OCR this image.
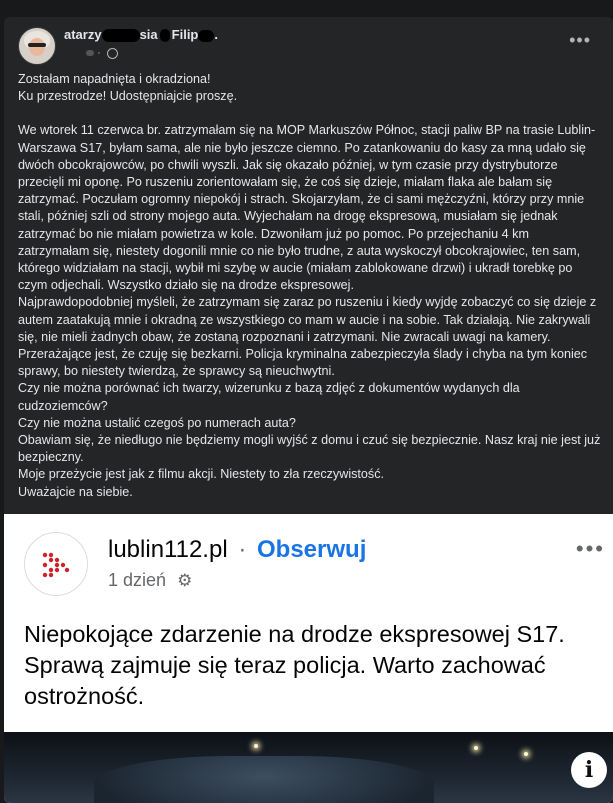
atarzy	sia Filip .
·
•••

Zostałam napadnięta i okradziona!
Ku przestrodze! Udostępniajcie proszę.

We wtorek 11 czerwca br. zatrzymałam się na MOP Markuszów Północ, stacji paliw BP na trasie Lublin-Warszawa S17, byłam sama, ale nie było jeszcze ciemno. Po zatankowaniu do kasy za mną udało się dwóch obcokrajowców, po chwili wyszli. Jak się okazało później, w tym czasie przy dystrybutorze przecięli mi oponę. Po ruszeniu zorientowałam się, że coś się dzieje, miałam flaka ale bałam się zatrzymać. Poczułam ogromny niepokój i strach. Skojarzyłam, że ci sami mężczyźni, którzy przy mnie stali, później szli od strony mojego auta. Wyjechałam na drogę ekspresową, musiałam się jednak zatrzymać bo nie miałam powietrza w kole. Dzwoniłam już po pomoc. Po przejechaniu 4 km zatrzymałam się, niestety dogonili mnie co nie było trudne, z auta wyskoczył obcokrajowiec, ten sam, którego widziałam na stacji, wybił mi szybę w aucie (miałam zablokowane drzwi) i ukradł torebkę po czym odjechali. Wszystko działo się na drodze ekspresowej.
Najprawdopodobniej myśleli, że zatrzymam się zaraz po ruszeniu i kiedy wyjdę zobaczyć co się dzieje z autem zaatakują mnie i okradną ze wszystkiego co mam w aucie i na sobie. Tak działają. Nie zakrywali się, nie mieli żadnych obaw, że zostaną rozpoznani i zatrzymani. Nie zwracali uwagi na kamery. Przerażające jest, że czuję się bezkarni. Policja kryminalna zabezpieczyła ślady i chyba na tym koniec sprawy, bo niestety twierdzą, że sprawcy są nieuchwytni.
Czy nie można porównać ich twarzy, wizerunku z bazą zdjęć z dokumentów wydanych dla cudzoziemców?
Czy nie można ustalić czegoś po numerach auta?
Obawiam się, że niedługo nie będziemy mogli wyjść z domu i czuć się bezpiecznie. Nasz kraj nie jest już bezpieczny.
Moje przeżycie jest jak z filmu akcji. Niestety to zła rzeczywistość.
Uważajcie na siebie.

lublin112.pl · Obserwuj
1 dzień ⚙
•••
Niepokojące zdarzenie na drodze ekspresowej S17. Sprawą zajmuje się teraz policja. Warto zachować ostrożność.
i
